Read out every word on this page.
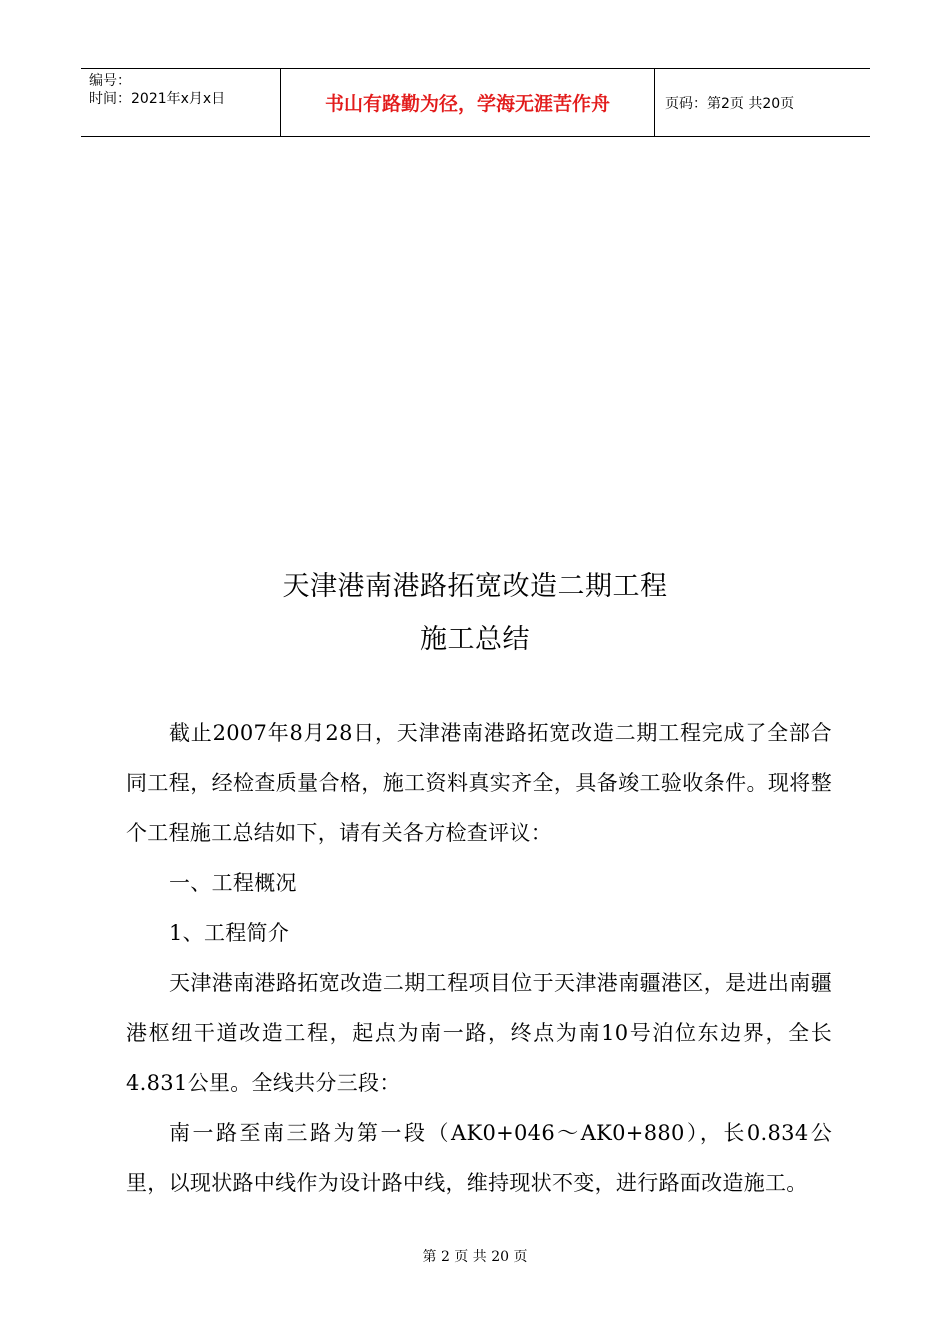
编号：
时间：2021年x月x日	书山有路勤为径，学海无涯苦作舟	页码：第2页 共20页
天津港南港路拓宽改造二期工程
施工总结
截止2007年8月28日，天津港南港路拓宽改造二期工程完成了全部合同工程，经检查质量合格，施工资料真实齐全，具备竣工验收条件。现将整个工程施工总结如下，请有关各方检查评议：
一、工程概况
1、工程简介
天津港南港路拓宽改造二期工程项目位于天津港南疆港区，是进出南疆港枢纽干道改造工程，起点为南一路，终点为南10号泊位东边界，全长4.831公里。全线共分三段：
南一路至南三路为第一段（AK0+046～AK0+880），长0.834公里，以现状路中线作为设计路中线，维持现状不变，进行路面改造施工。
第 2 页 共 20 页
